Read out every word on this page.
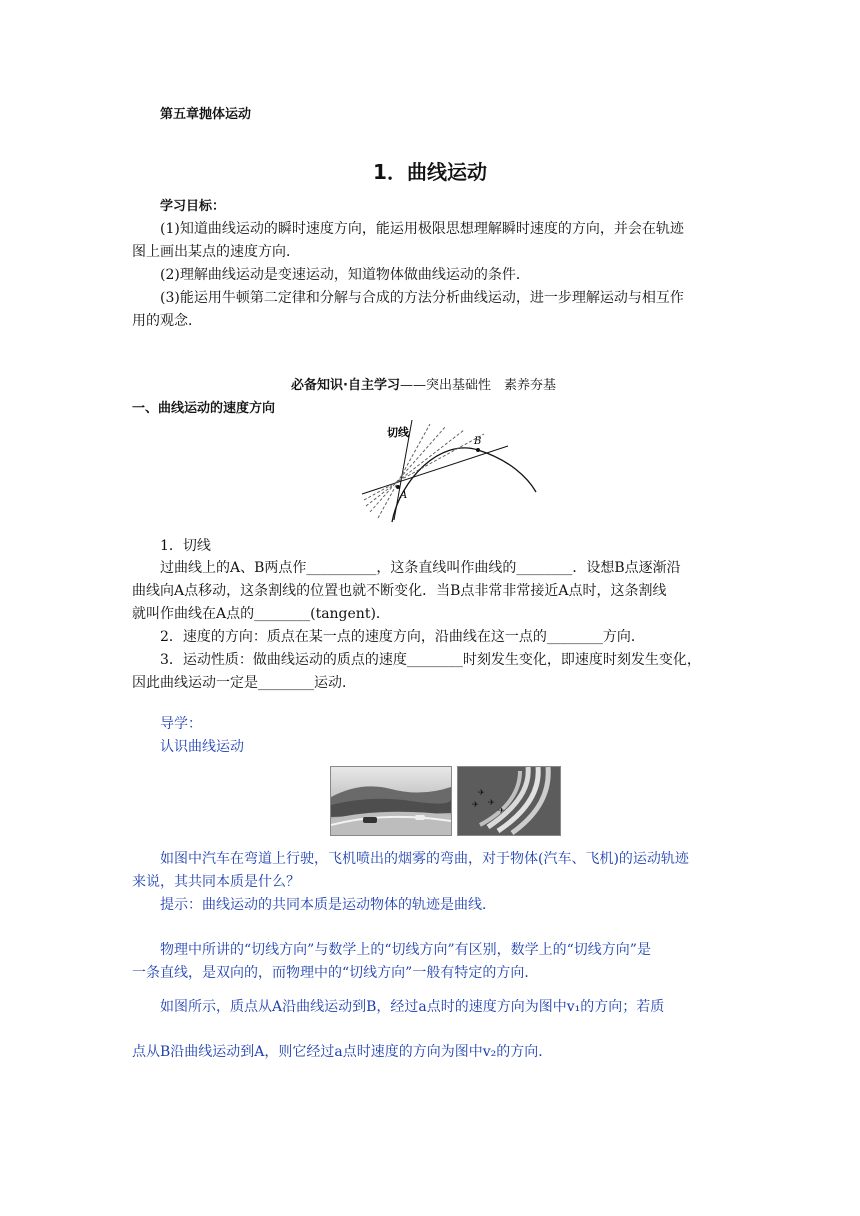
第五章抛体运动
1．曲线运动
学习目标：
(1)知道曲线运动的瞬时速度方向，能运用极限思想理解瞬时速度的方向，并会在轨迹
图上画出某点的速度方向．
(2)理解曲线运动是变速运动，知道物体做曲线运动的条件．
(3)能运用牛顿第二定律和分解与合成的方法分析曲线运动，进一步理解运动与相互作
用的观念．
必备知识·自主学习——突出基础性　素养夯基
一、曲线运动的速度方向
切线
A
B
1．切线
过曲线上的A、B两点作__________，这条直线叫作曲线的________．设想B点逐渐沿
曲线向A点移动，这条割线的位置也就不断变化．当B点非常非常接近A点时，这条割线
就叫作曲线在A点的________(tangent)．
2．速度的方向：质点在某一点的速度方向，沿曲线在这一点的________方向．
3．运动性质：做曲线运动的质点的速度________时刻发生变化，即速度时刻发生变化，
因此曲线运动一定是________运动．
导学：
认识曲线运动
✈
✈
✈
✈
如图中汽车在弯道上行驶，飞机喷出的烟雾的弯曲，对于物体(汽车、飞机)的运动轨迹
来说，其共同本质是什么？
提示：曲线运动的共同本质是运动物体的轨迹是曲线．
物理中所讲的“切线方向”与数学上的“切线方向”有区别，数学上的“切线方向”是
一条直线，是双向的，而物理中的“切线方向”一般有特定的方向．
如图所示，质点从A沿曲线运动到B，经过a点时的速度方向为图中v₁的方向；若质
点从B沿曲线运动到A，则它经过a点时速度的方向为图中v₂的方向．
